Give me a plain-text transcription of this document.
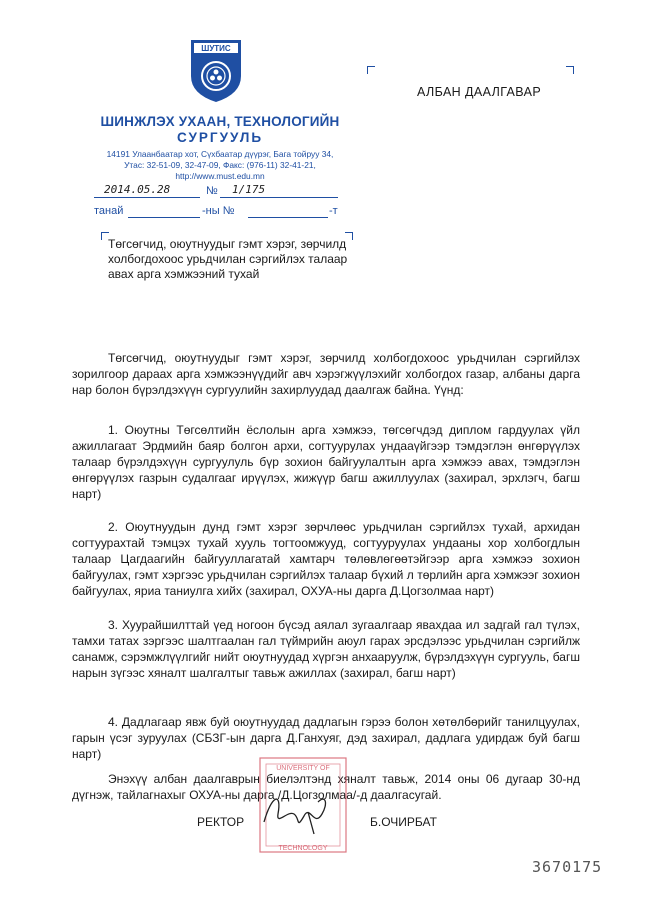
ШУТИС
ШИНЖЛЭХ УХААН, ТЕХНОЛОГИЙН
СУРГУУЛЬ
14191 Улаанбаатар хот, Сүхбаатар дүүрэг, Бага тойруу 34,
Утас: 32-51-09, 32-47-09, Факс: (976-11) 32-41-21,
http://www.must.edu.mn
2014.05.28	№ 1/175
танай	-ны №	-т
АЛБАН ДААЛГАВАР
Төгсөгчид, оюутнуудыг гэмт хэрэг, зөрчилд холбогдохоос урьдчилан сэргийлэх талаар авах арга хэмжээний тухай
Төгсөгчид, оюутнуудыг гэмт хэрэг, зөрчилд холбогдохоос урьдчилан сэргийлэх зорилгоор дараах арга хэмжээнүүдийг авч хэрэгжүүлэхийг холбогдох газар, албаны дарга нар болон бүрэлдэхүүн сургуулийн захирлуудад даалгаж байна. Үүнд:
1. Оюутны Төгсөлтийн ёслолын арга хэмжээ, төгсөгчдэд диплом гардуулах үйл ажиллагаат Эрдмийн баяр болгон архи, согтуурулах ундааүйгээр тэмдэглэн өнгөрүүлэх талаар бүрэлдэхүүн сургуулуль бүр зохион байгуулалтын арга хэмжээ авах, тэмдэглэн өнгөрүүлэх газрын судалгааг ирүүлэх, жижүүр багш ажиллуулах (захирал, эрхлэгч, багш нарт)
2. Оюутнуудын дунд гэмт хэрэг зөрчлөөс урьдчилан сэргийлэх тухай, архидан согтуурахтай тэмцэх тухай хууль тогтоомжууд, согтууруулах ундааны хор холбогдлын талаар Цагдаагийн байгууллагатай хамтарч төлөвлөгөөтэйгээр арга хэмжээ зохион байгуулах, гэмт хэргээс урьдчилан сэргийлэх талаар бүхий л төрлийн арга хэмжээг зохион байгуулах, яриа таниулга хийх (захирал, ОХУА-ны дарга Д.Цогзолмаа нарт)
3. Хуурайшилттай үед ногоон бүсэд аялал зугаалгаар явахдаа ил задгай гал түлэх, тамхи татах зэргээс шалтгаалан гал түймрийн аюул гарах эрсдэлээс урьдчилан сэргийлж санамж, сэрэмжлүүлгийг нийт оюутнуудад хүргэн анхааруулж, бүрэлдэхүүн сургууль, багш нарын зүгээс хяналт шалгалтыг тавьж ажиллах (захирал, багш нарт)
4. Дадлагаар явж буй оюутнуудад дадлагын гэрээ болон хөтөлбөрийг танилцуулах, гарын үсэг зуруулах (СБЗГ-ын дарга Д.Ганхуяг, дэд захирал, дадлага удирдаж буй багш нарт)
Энэхүү албан даалгаврын биелэлтэнд хяналт тавьж, 2014 оны 06 дугаар 30-нд дүгнэж, тайлагнахыг ОХУА-ны дарга /Д.Цогзолмаа/-д даалгасугай.
РЕКТОР	Б.ОЧИРБАТ
UNIVERSITY OF
TECHNOLOGY
3670175
